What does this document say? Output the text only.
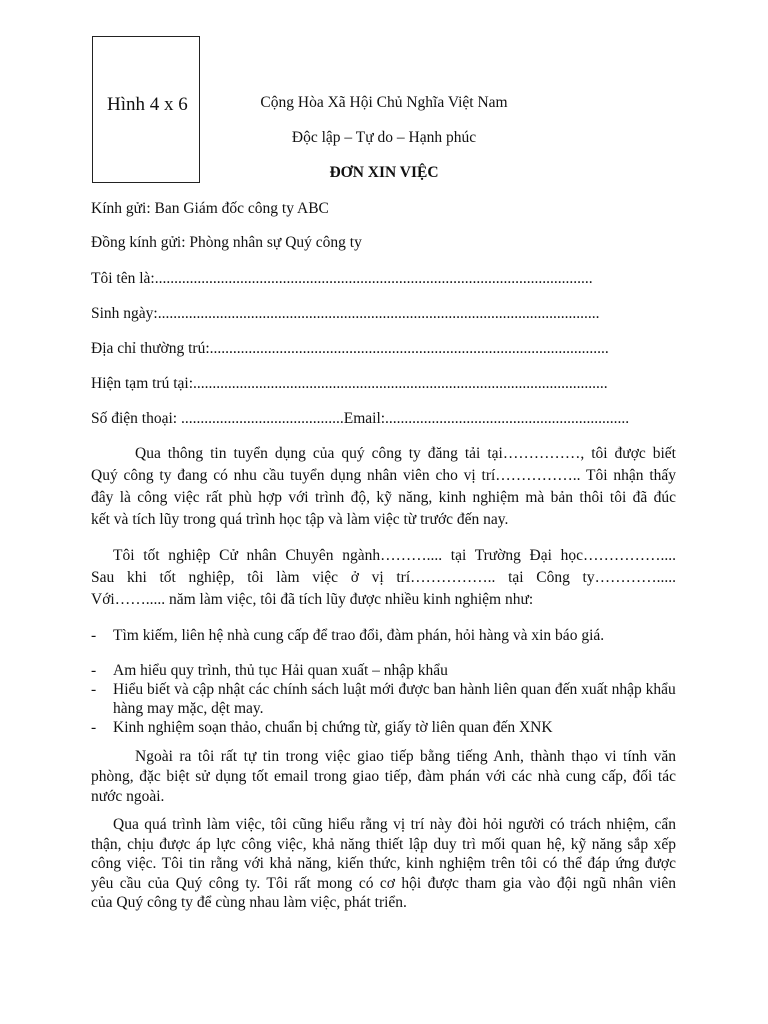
Hình 4 x 6	Cộng Hòa Xã Hội Chủ Nghĩa Việt Nam
Độc lập – Tự do – Hạnh phúc
ĐƠN XIN VIỆC
Kính gửi: Ban Giám đốc công ty ABC
Đồng kính gửi: Phòng nhân sự Quý công ty
Tôi tên là:.................................................................................................................
Sinh ngày:..................................................................................................................
Địa chỉ thường trú:.......................................................................................................
Hiện tạm trú tại:...........................................................................................................
Số điện thoại: ..........................................Email:...............................................................
Qua thông tin tuyển dụng của quý công ty đăng tải tại……………, tôi được biết
Quý công ty đang có nhu cầu tuyển dụng nhân viên cho vị trí…………….. Tôi nhận thấy
đây là công việc rất phù hợp với trình độ, kỹ năng, kinh nghiệm mà bản thôi tôi đã đúc
kết và tích lũy trong quá trình học tập và làm việc từ trước đến nay.
Tôi tốt nghiệp Cử nhân Chuyên ngành……….... tại Trường Đại học……………....
Sau khi tốt nghiệp, tôi làm việc ở vị trí…………….. tại Công ty………….....
Với……..... năm làm việc, tôi đã tích lũy được nhiều kinh nghiệm như:
- Tìm kiếm, liên hệ nhà cung cấp để trao đổi, đàm phán, hỏi hàng và xin báo giá.
- Am hiểu quy trình, thủ tục Hải quan xuất – nhập khẩu
- Hiểu biết và cập nhật các chính sách luật mới được ban hành liên quan đến xuất nhập khẩu hàng may mặc, dệt may.
- Kinh nghiệm soạn thảo, chuẩn bị chứng từ, giấy tờ liên quan đến XNK
Ngoài ra tôi rất tự tin trong việc giao tiếp bằng tiếng Anh, thành thạo vi tính văn
phòng, đặc biệt sử dụng tốt email trong giao tiếp, đàm phán với các nhà cung cấp, đối tác
nước ngoài.
Qua quá trình làm việc, tôi cũng hiểu rằng vị trí này đòi hỏi người có trách nhiệm, cẩn
thận, chịu được áp lực công việc, khả năng thiết lập duy trì mối quan hệ, kỹ năng sắp xếp
công việc. Tôi tin rằng với khả năng, kiến thức, kinh nghiệm trên tôi có thể đáp ứng được
yêu cầu của Quý công ty. Tôi rất mong có cơ hội được tham gia vào đội ngũ nhân viên
của Quý công ty để cùng nhau làm việc, phát triển.
